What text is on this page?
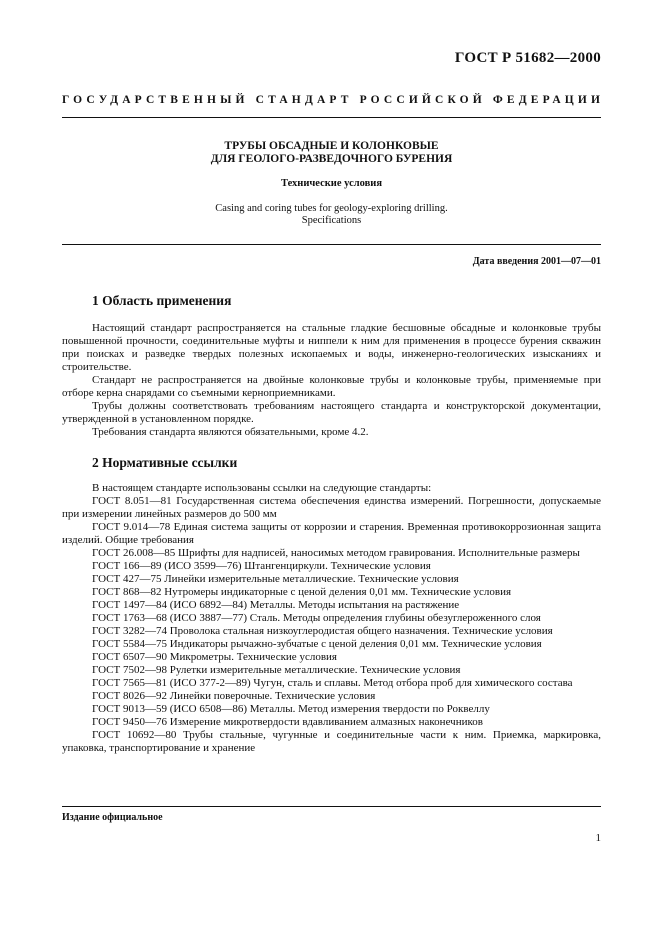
ГОСТ Р 51682—2000
ГОСУДАРСТВЕННЫЙ СТАНДАРТ РОССИЙСКОЙ ФЕДЕРАЦИИ
ТРУБЫ ОБСАДНЫЕ И КОЛОНКОВЫЕ
ДЛЯ ГЕОЛОГО-РАЗВЕДОЧНОГО БУРЕНИЯ
Технические условия
Casing and coring tubes for geology-exploring drilling.
Specifications
Дата введения 2001—07—01
1 Область применения

Настоящий стандарт распространяется на стальные гладкие бесшовные обсадные и колонковые трубы повышенной прочности, соединительные муфты и ниппели к ним для применения в процессе бурения скважин при поисках и разведке твердых полезных ископаемых и воды, инженерно-геологических изысканиях и строительстве.

Стандарт не распространяется на двойные колонковые трубы и колонковые трубы, применяемые при отборе керна снарядами со съемными керноприемниками.

Трубы должны соответствовать требованиям настоящего стандарта и конструкторской документации, утвержденной в установленном порядке.

Требования стандарта являются обязательными, кроме 4.2.

2 Нормативные ссылки

В настоящем стандарте использованы ссылки на следующие стандарты:

ГОСТ 8.051—81 Государственная система обеспечения единства измерений. Погрешности, допускаемые при измерении линейных размеров до 500 мм

ГОСТ 9.014—78 Единая система защиты от коррозии и старения. Временная противокоррозионная защита изделий. Общие требования

ГОСТ 26.008—85 Шрифты для надписей, наносимых методом гравирования. Исполнительные размеры

ГОСТ 166—89 (ИСО 3599—76) Штангенциркули. Технические условия

ГОСТ 427—75 Линейки измерительные металлические. Технические условия

ГОСТ 868—82 Нутромеры индикаторные с ценой деления 0,01 мм. Технические условия

ГОСТ 1497—84 (ИСО 6892—84) Металлы. Методы испытания на растяжение

ГОСТ 1763—68 (ИСО 3887—77) Сталь. Методы определения глубины обезуглероженного слоя

ГОСТ 3282—74 Проволока стальная низкоуглеродистая общего назначения. Технические условия

ГОСТ 5584—75 Индикаторы рычажно-зубчатые с ценой деления 0,01 мм. Технические условия

ГОСТ 6507—90 Микрометры. Технические условия

ГОСТ 7502—98 Рулетки измерительные металлические. Технические условия

ГОСТ 7565—81 (ИСО 377-2—89) Чугун, сталь и сплавы. Метод отбора проб для химического состава

ГОСТ 8026—92 Линейки поверочные. Технические условия

ГОСТ 9013—59 (ИСО 6508—86) Металлы. Метод измерения твердости по Роквеллу

ГОСТ 9450—76 Измерение микротвердости вдавливанием алмазных наконечников

ГОСТ 10692—80 Трубы стальные, чугунные и соединительные части к ним. Приемка, маркировка, упаковка, транспортирование и хранение

Издание официальное
1
